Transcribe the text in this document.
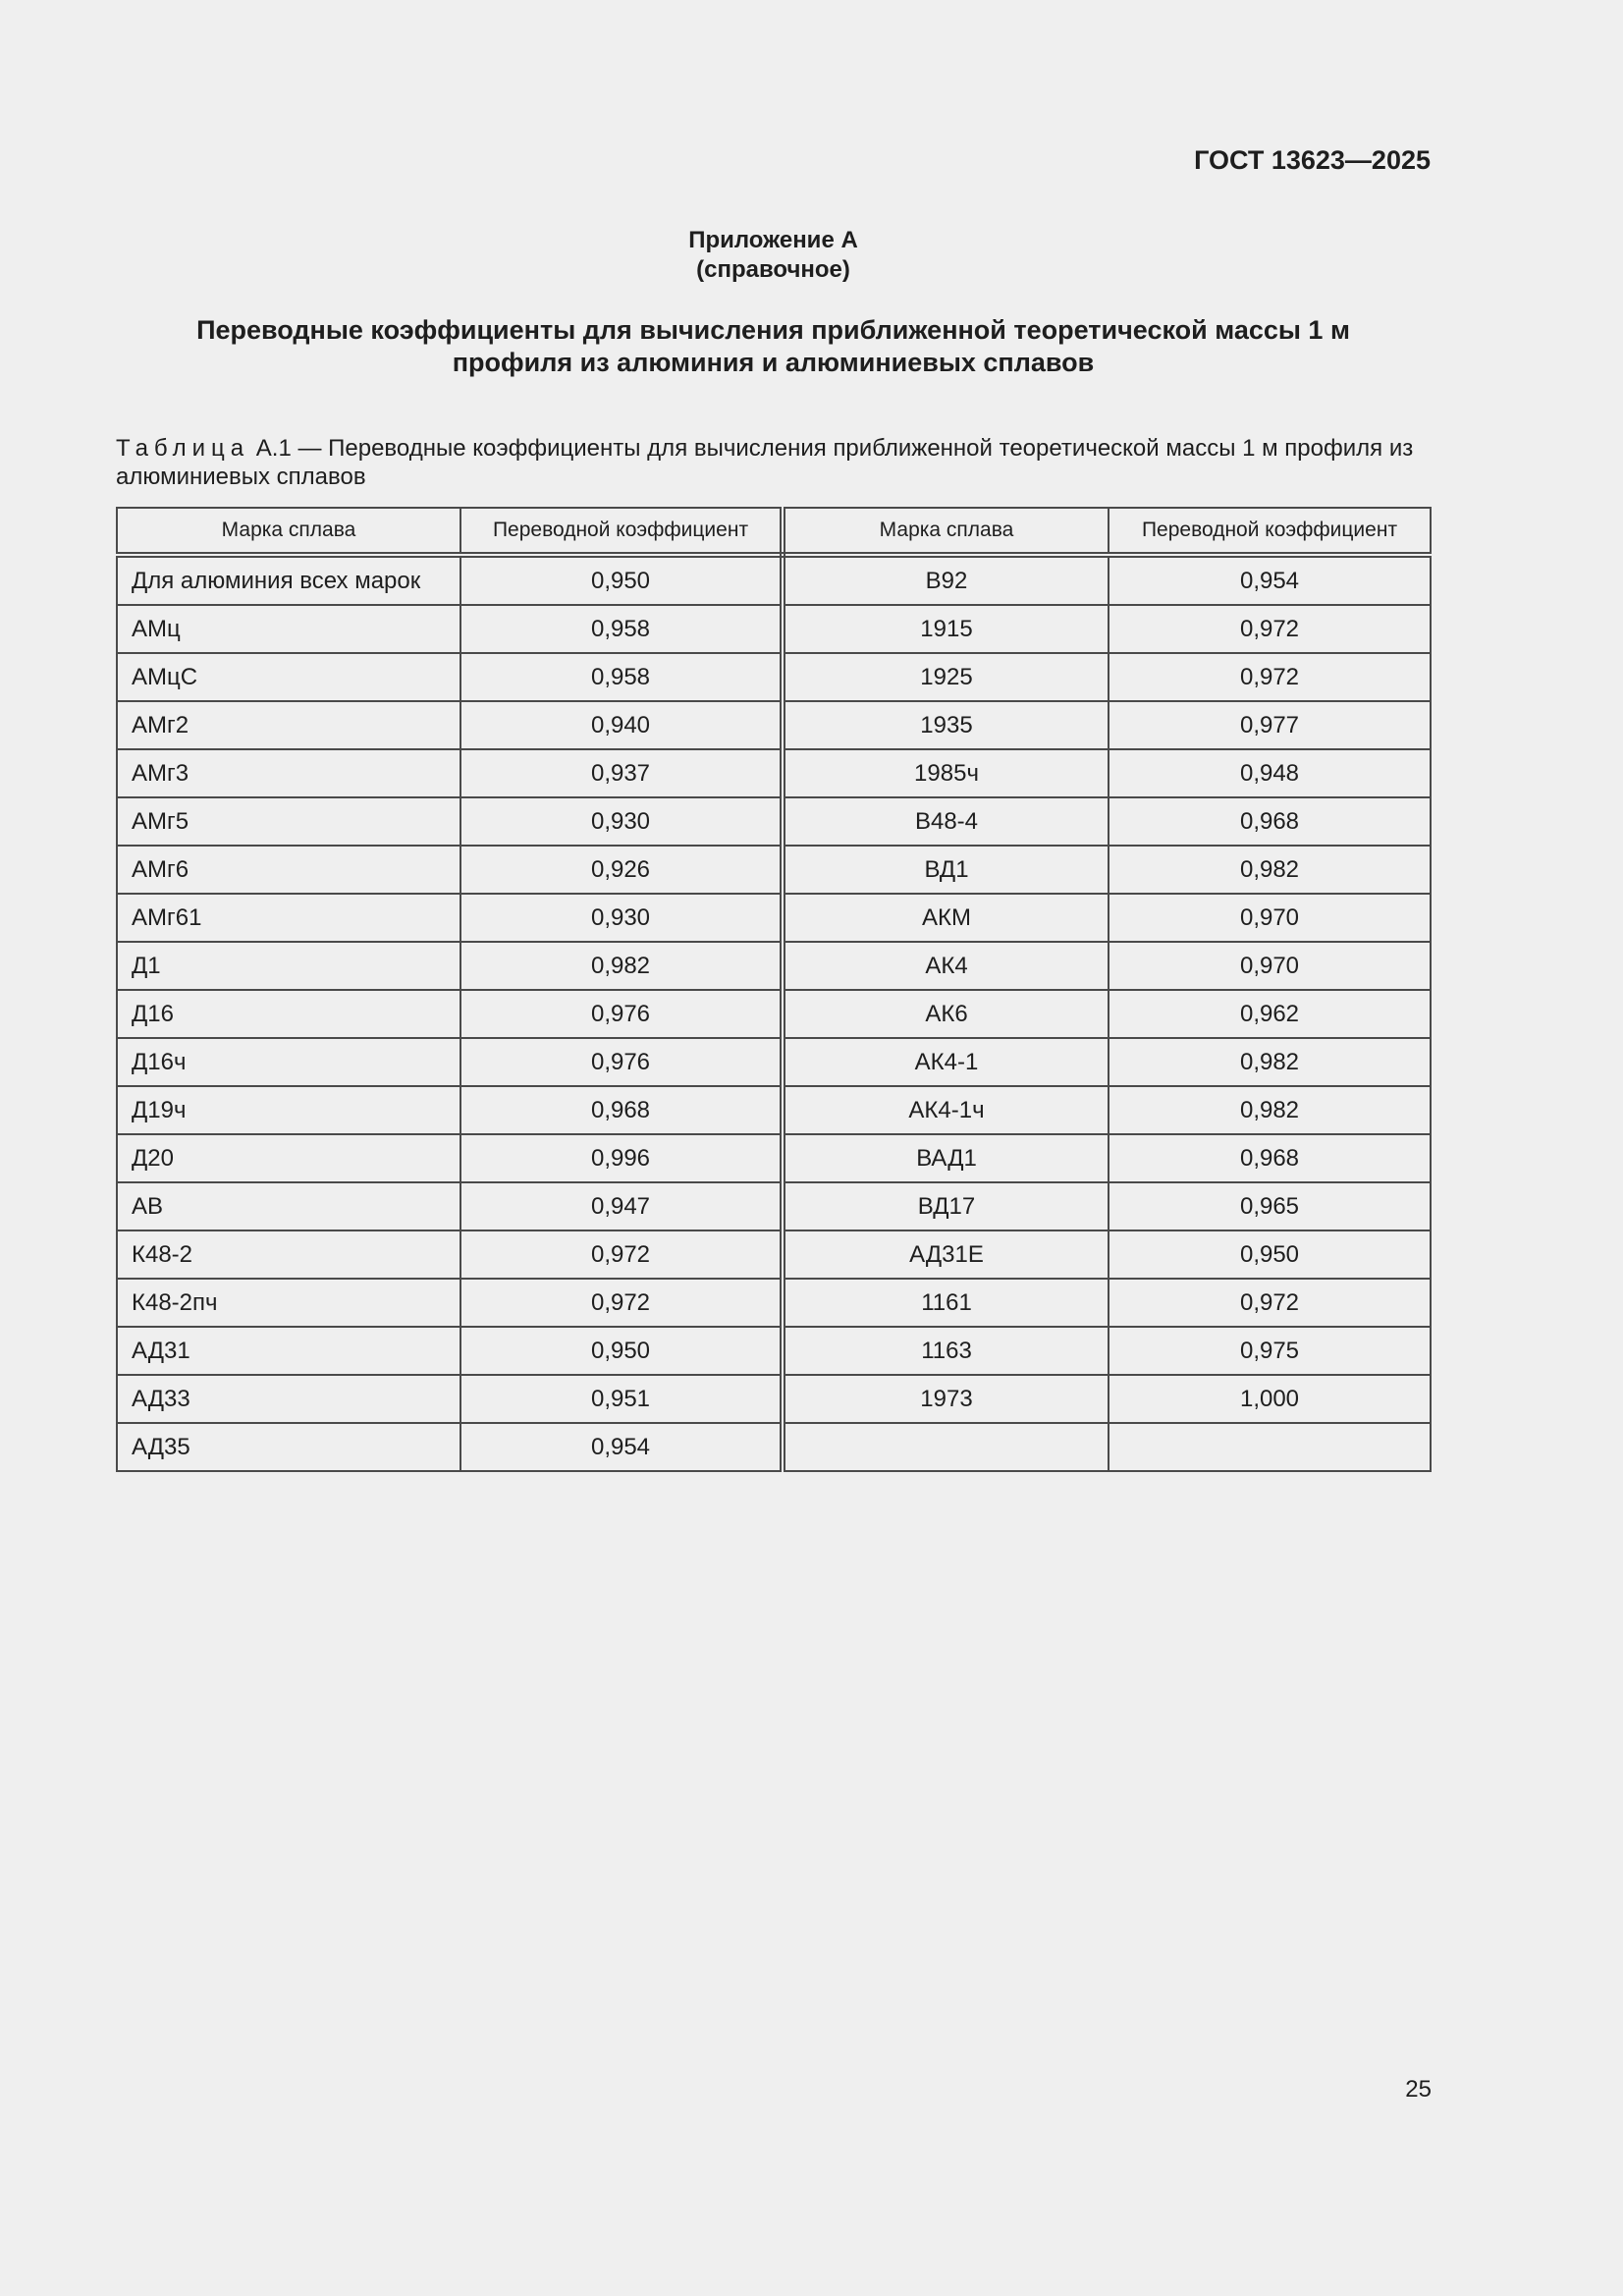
ГОСТ 13623—2025
Приложение А
(справочное)
Переводные коэффициенты для вычисления приближенной теоретической массы 1 м
профиля из алюминия и алюминиевых сплавов
Таблица А.1 — Переводные коэффициенты для вычисления приближенной теоретической массы 1 м профиля из алюминиевых сплавов
Марка сплава	Переводной коэффициент	Марка сплава	Переводной коэффициент
Для алюминия всех марок	0,950	В92	0,954
АМц	0,958	1915	0,972
АМцС	0,958	1925	0,972
АМг2	0,940	1935	0,977
АМг3	0,937	1985ч	0,948
АМг5	0,930	В48-4	0,968
АМг6	0,926	ВД1	0,982
АМг61	0,930	АКМ	0,970
Д1	0,982	АК4	0,970
Д16	0,976	АК6	0,962
Д16ч	0,976	АК4-1	0,982
Д19ч	0,968	АК4-1ч	0,982
Д20	0,996	ВАД1	0,968
АВ	0,947	ВД17	0,965
К48-2	0,972	АД31Е	0,950
К48-2пч	0,972	1161	0,972
АД31	0,950	1163	0,975
АД33	0,951	1973	1,000
АД35	0,954		
25
